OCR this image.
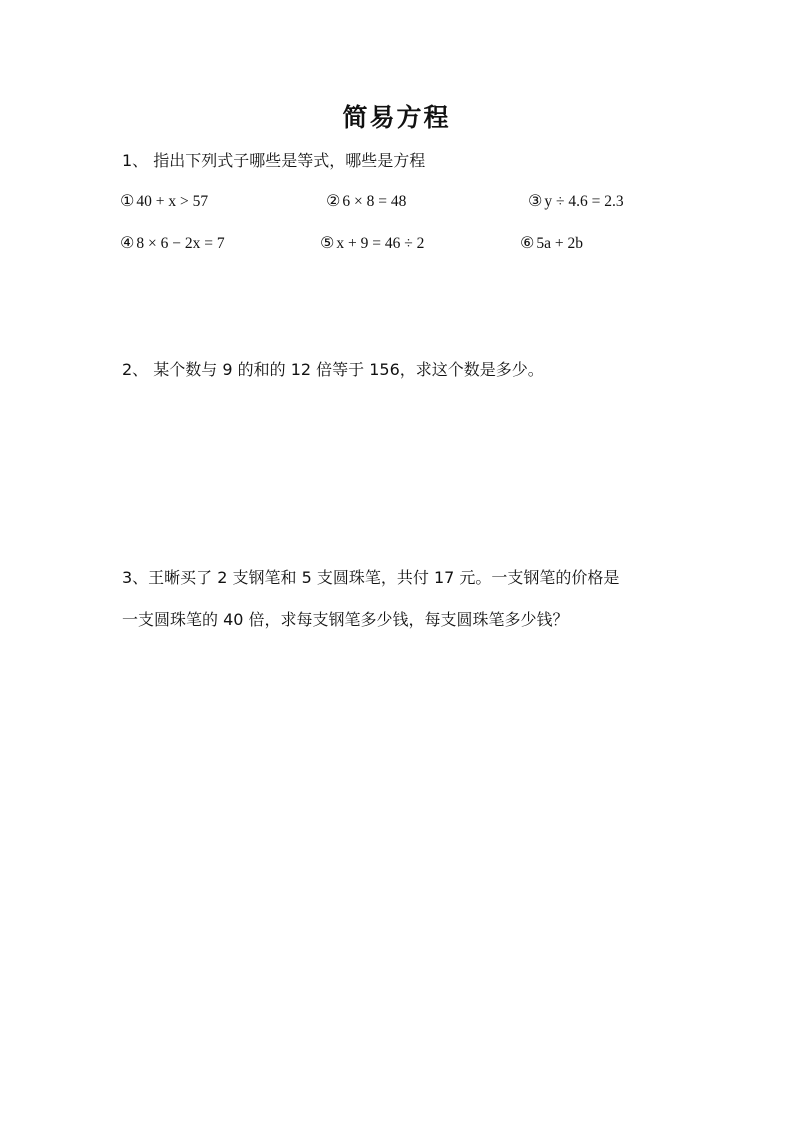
简易方程
1、 指出下列式子哪些是等式，哪些是方程
① 40 + x > 57	② 6 × 8 = 48	③ y ÷ 4.6 = 2.3
④ 8 × 6 − 2x = 7	⑤ x + 9 = 46 ÷ 2	⑥ 5a + 2b
2、 某个数与 9 的和的 12 倍等于 156，求这个数是多少。
3、王晰买了 2 支钢笔和 5 支圆珠笔，共付 17 元。一支钢笔的价格是
一支圆珠笔的 40 倍，求每支钢笔多少钱，每支圆珠笔多少钱？
